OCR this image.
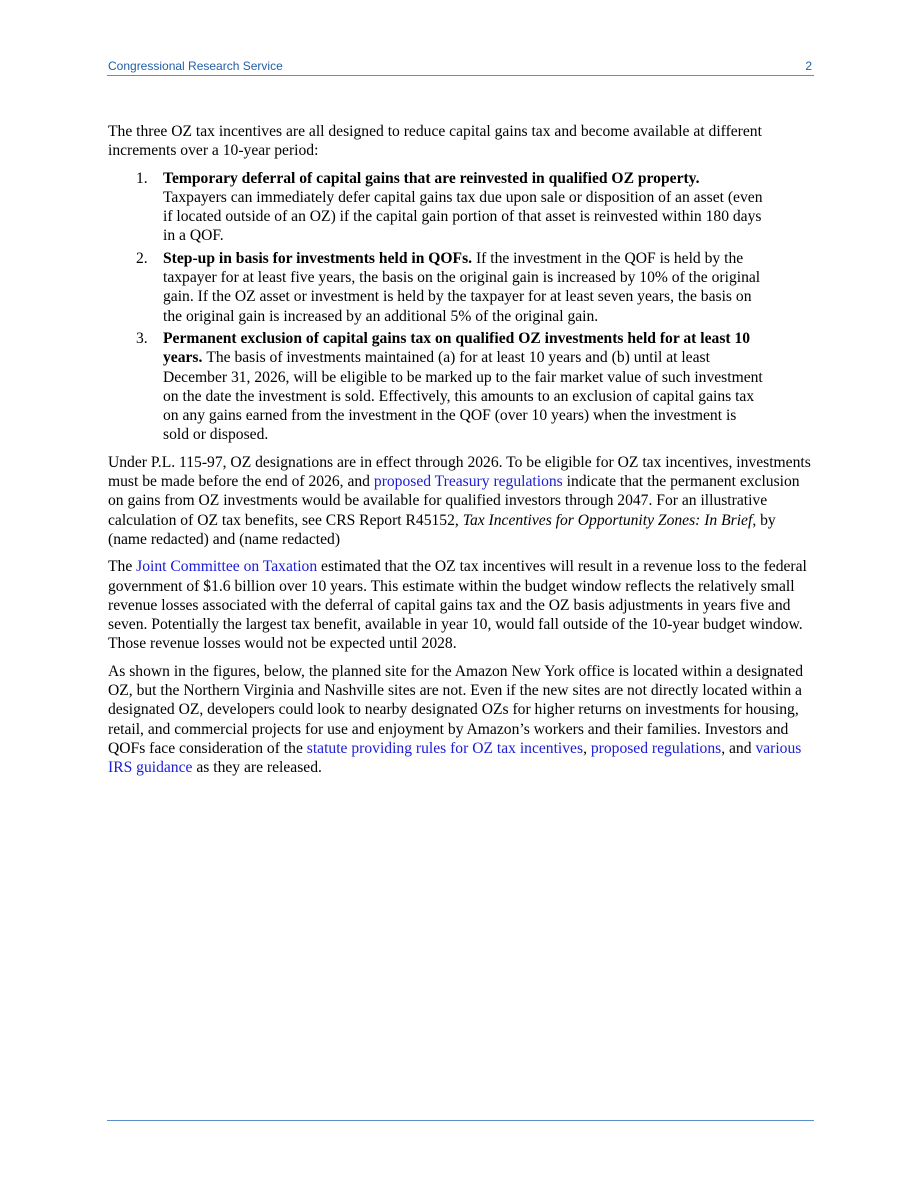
Congressional Research Service	2

The three OZ tax incentives are all designed to reduce capital gains tax and become available at different increments over a 10-year period:

1. Temporary deferral of capital gains that are reinvested in qualified OZ property. Taxpayers can immediately defer capital gains tax due upon sale or disposition of an asset (even if located outside of an OZ) if the capital gain portion of that asset is reinvested within 180 days in a QOF.
2. Step-up in basis for investments held in QOFs. If the investment in the QOF is held by the taxpayer for at least five years, the basis on the original gain is increased by 10% of the original gain. If the OZ asset or investment is held by the taxpayer for at least seven years, the basis on the original gain is increased by an additional 5% of the original gain.
3. Permanent exclusion of capital gains tax on qualified OZ investments held for at least 10 years. The basis of investments maintained (a) for at least 10 years and (b) until at least December 31, 2026, will be eligible to be marked up to the fair market value of such investment on the date the investment is sold. Effectively, this amounts to an exclusion of capital gains tax on any gains earned from the investment in the QOF (over 10 years) when the investment is sold or disposed.

Under P.L. 115-97, OZ designations are in effect through 2026. To be eligible for OZ tax incentives, investments must be made before the end of 2026, and proposed Treasury regulations indicate that the permanent exclusion on gains from OZ investments would be available for qualified investors through 2047. For an illustrative calculation of OZ tax benefits, see CRS Report R45152, Tax Incentives for Opportunity Zones: In Brief, by (name redacted) and (name redacted)

The Joint Committee on Taxation estimated that the OZ tax incentives will result in a revenue loss to the federal government of $1.6 billion over 10 years. This estimate within the budget window reflects the relatively small revenue losses associated with the deferral of capital gains tax and the OZ basis adjustments in years five and seven. Potentially the largest tax benefit, available in year 10, would fall outside of the 10-year budget window. Those revenue losses would not be expected until 2028.

As shown in the figures, below, the planned site for the Amazon New York office is located within a designated OZ, but the Northern Virginia and Nashville sites are not. Even if the new sites are not directly located within a designated OZ, developers could look to nearby designated OZs for higher returns on investments for housing, retail, and commercial projects for use and enjoyment by Amazon’s workers and their families. Investors and QOFs face consideration of the statute providing rules for OZ tax incentives, proposed regulations, and various IRS guidance as they are released.
